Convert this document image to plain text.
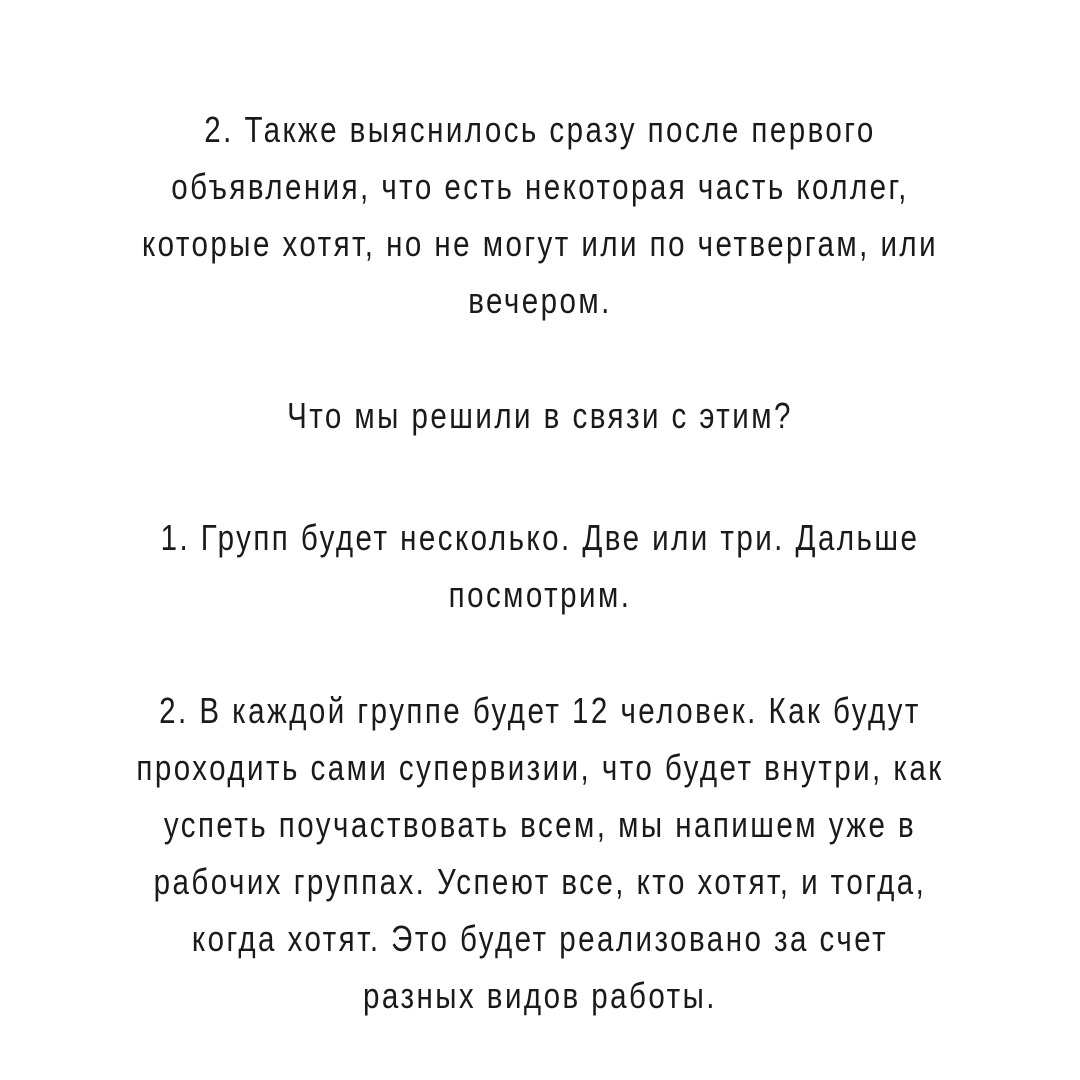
2. Также выяснилось сразу после первого
объявления, что есть некоторая часть коллег,
которые хотят, но не могут или по четвергам, или
вечером.
Что мы решили в связи с этим?
1. Групп будет несколько. Две или три. Дальше
посмотрим.
2. В каждой группе будет 12 человек. Как будут
проходить сами супервизии, что будет внутри, как
успеть поучаствовать всем, мы напишем уже в
рабочих группах. Успеют все, кто хотят, и тогда,
когда хотят. Это будет реализовано за счет
разных видов работы.
